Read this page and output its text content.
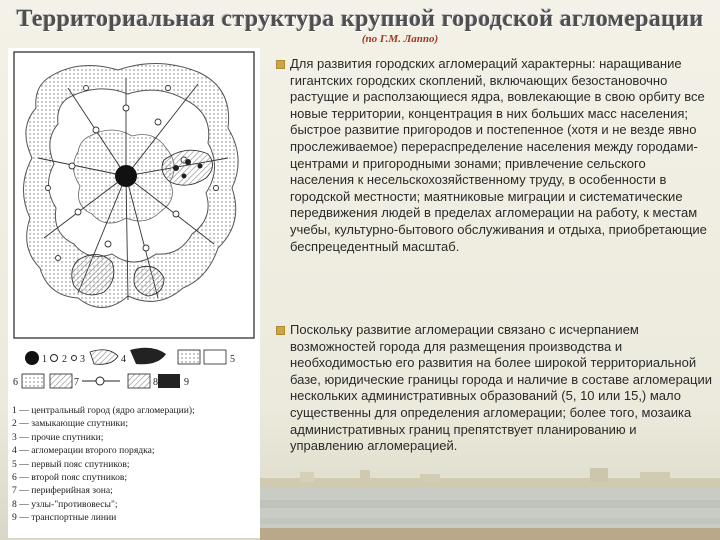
Территориальная структура крупной городской агломерации
(по Г.М. Лаппо)
1 2 3	4	5
6	7	8	9
1 — центральный город (ядро агломерации);
2 — замыкающие спутники;
3 — прочие спутники;
4 — агломерации второго порядка;
5 — первый пояс спутников;
6 — второй пояс спутников;
7 — периферийная зона;
8 — узлы-"противовесы";
9 — транспортные линии

Для развития городских агломераций характерны: наращивание гигантских городских скоплений, включающих безостановочно растущие и расползающиеся ядра, вовлекающие в свою орбиту все новые территории, концентрация в них больших масс населения; быстрое развитие пригородов и постепенное (хотя и не везде явно прослеживаемое) перераспределение населения между городами-центрами и пригородными зонами; привлечение сельского населения к несельскохозяйственному труду, в особенности в городской местности; маятниковые миграции и систематические передвижения людей в пределах агломерации на работу, к местам учебы, культурно-бытового обслуживания и отдыха, приобретающие беспрецедентный масштаб.

Поскольку развитие агломерации связано с исчерпанием возможностей города для размещения производства и необходимостью его развития на более широкой территориальной базе, юридические границы города и наличие в составе агломерации нескольких административных образований (5, 10 или 15,) мало существенны для определения агломерации; более того, мозаика административных границ препятствует планированию и управлению агломерацией.
